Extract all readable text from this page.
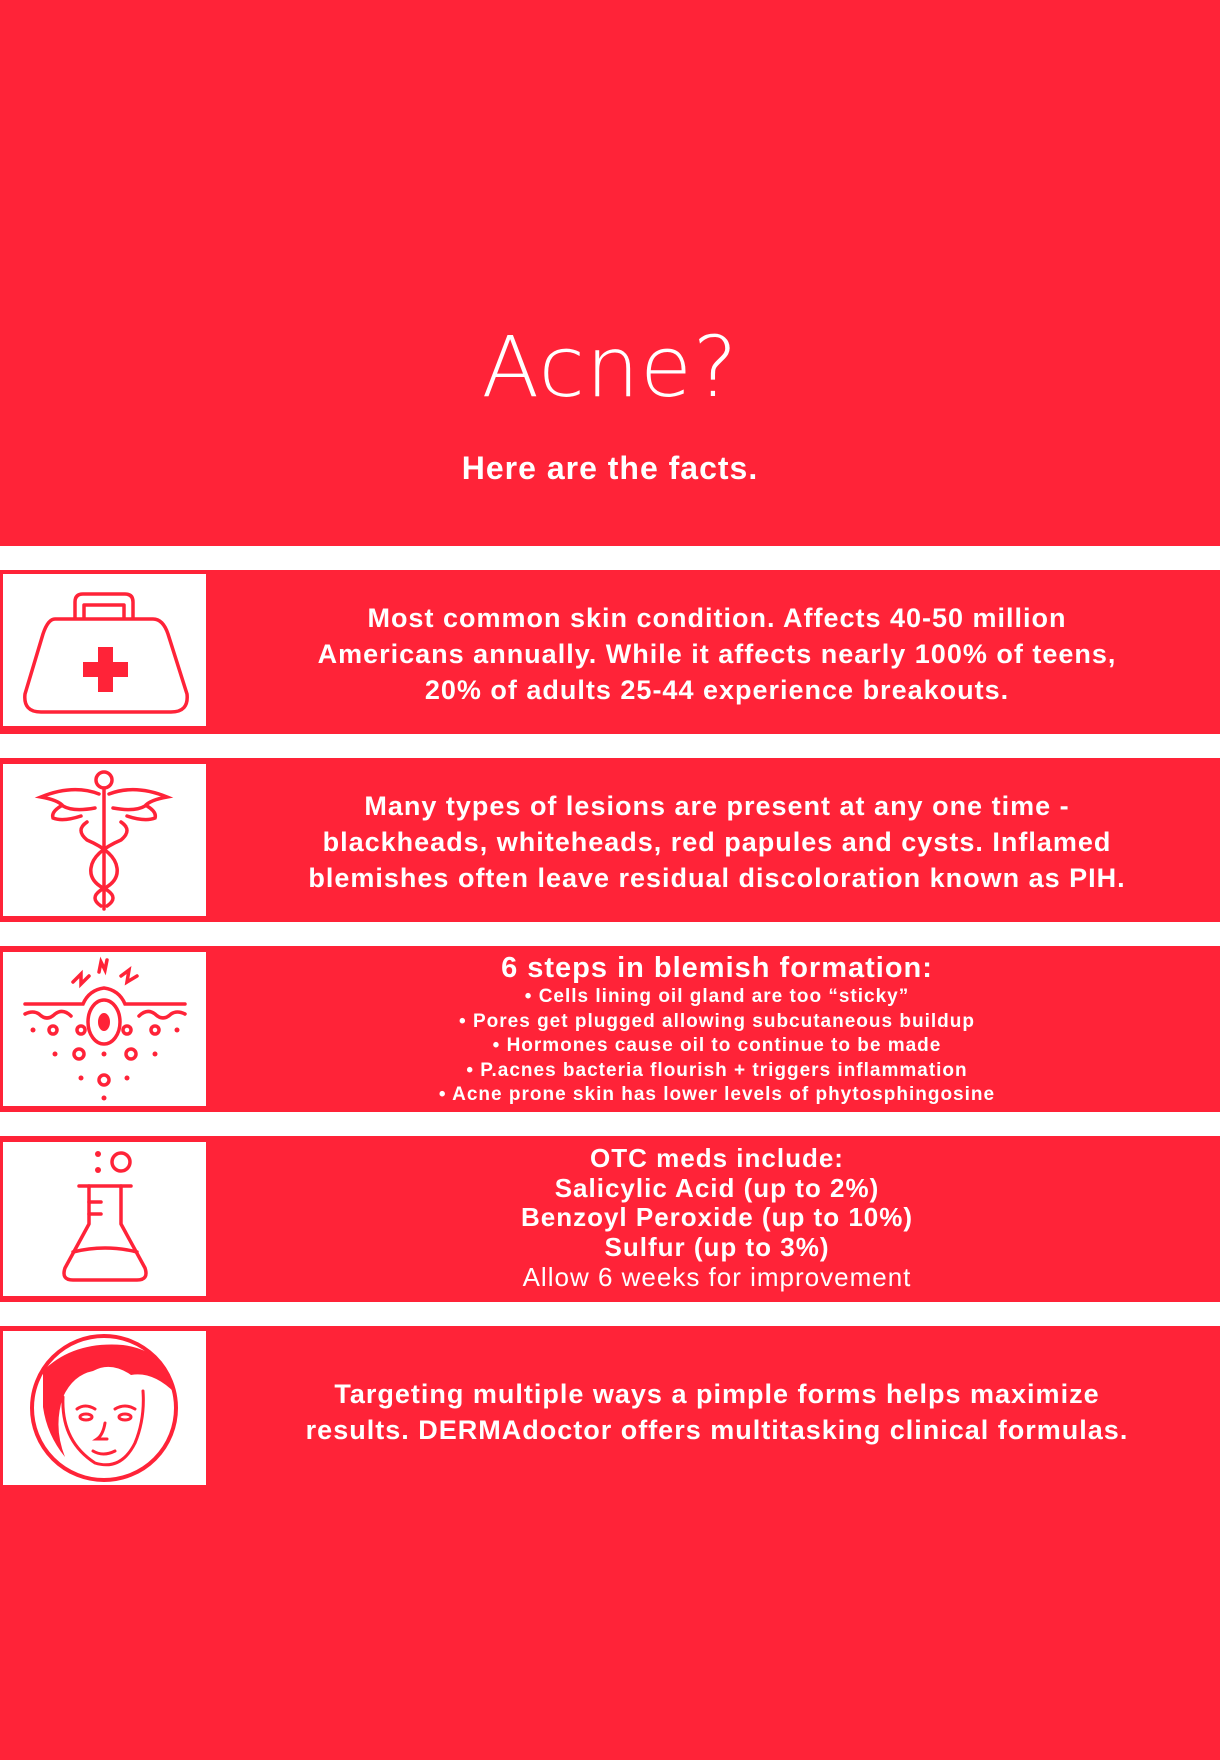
Acne?
Here are the facts.
Most common skin condition. Affects 40-50 million
Americans annually. While it affects nearly 100% of teens,
20% of adults 25-44 experience breakouts.
Many types of lesions are present at any one time -
blackheads, whiteheads, red papules and cysts. Inflamed
blemishes often leave residual discoloration known as PIH.
6 steps in blemish formation:
• Cells lining oil gland are too “sticky”
• Pores get plugged allowing subcutaneous buildup
• Hormones cause oil to continue to be made
• P.acnes bacteria flourish + triggers inflammation
• Acne prone skin has lower levels of phytosphingosine
OTC meds include:
Salicylic Acid (up to 2%)
Benzoyl Peroxide (up to 10%)
Sulfur (up to 3%)
Allow 6 weeks for improvement
Targeting multiple ways a pimple forms helps maximize
results. DERMAdoctor offers multitasking clinical formulas.
